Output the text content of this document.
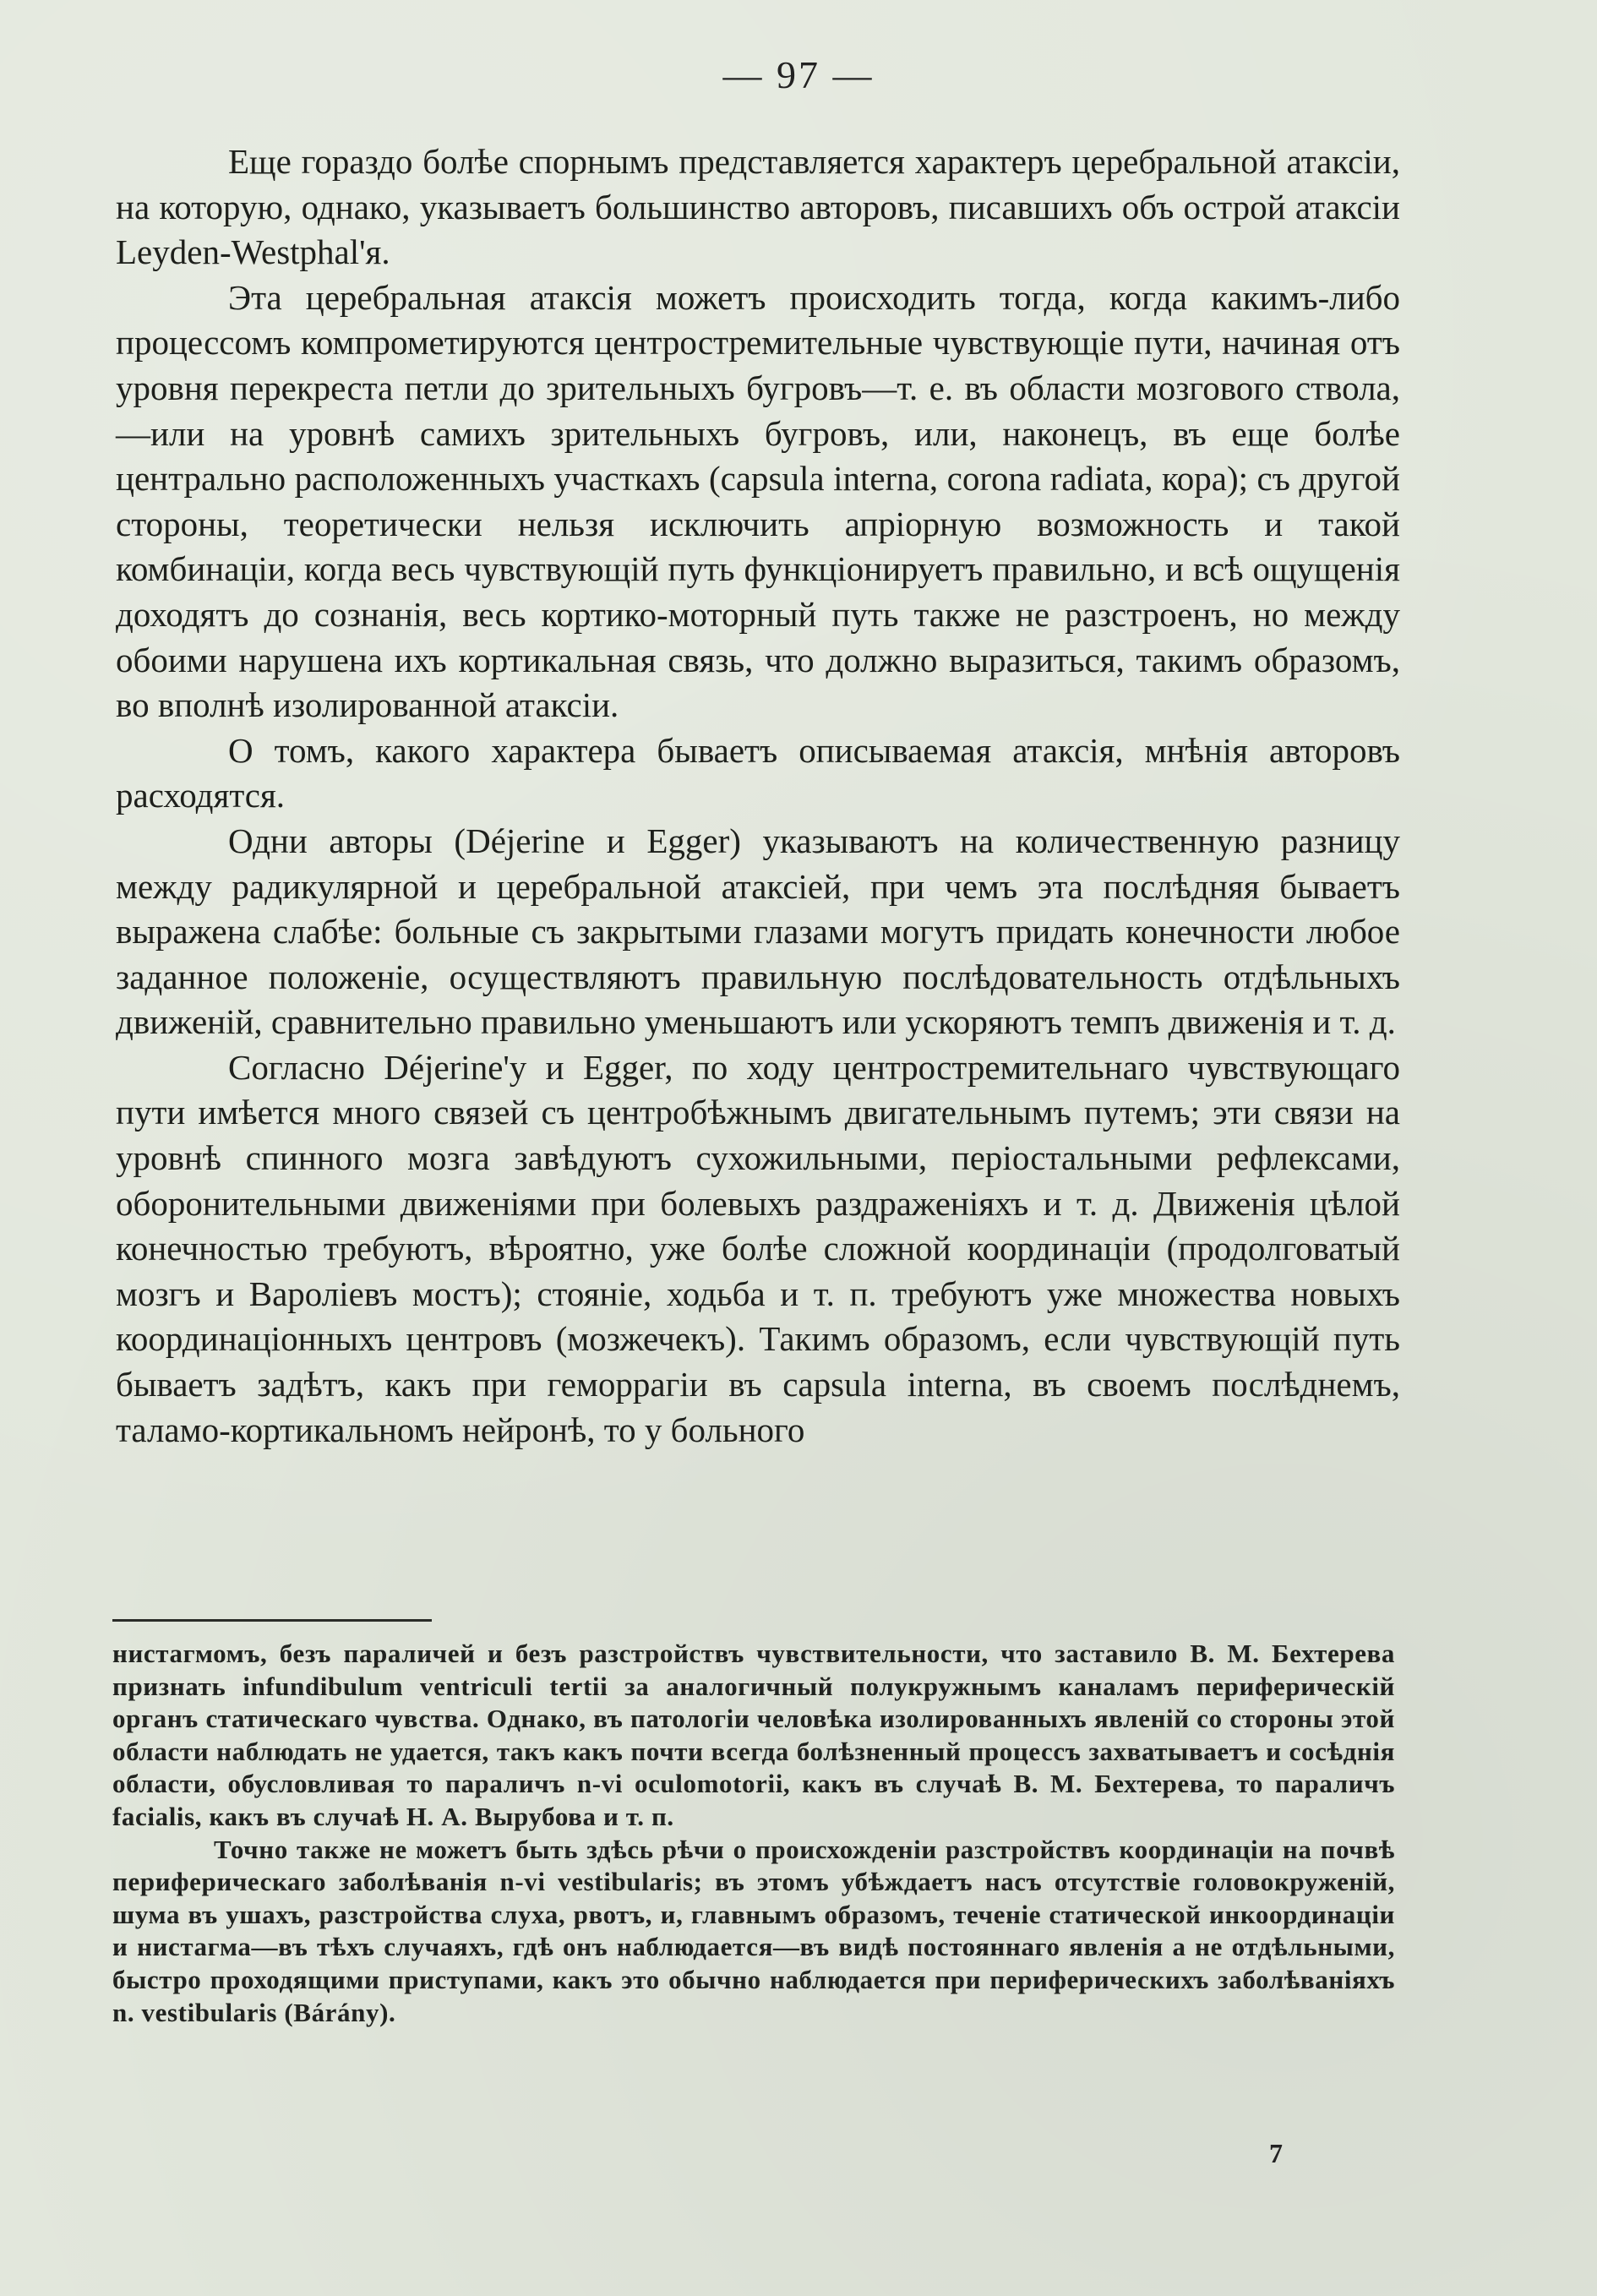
— 97 —

Еще гораздо болѣе спорнымъ представляется характеръ церебральной атаксіи, на которую, однако, указываетъ большинство авторовъ, писавшихъ объ острой атаксіи Leyden-Westphal'я.

Эта церебральная атаксія можетъ происходить тогда, когда какимъ-либо процессомъ компрометируются центростремительные чувствующіе пути, начиная отъ уровня перекреста петли до зрительныхъ бугровъ—т. е. въ области мозгового ствола,—или на уровнѣ самихъ зрительныхъ бугровъ, или, наконецъ, въ еще болѣе центрально расположенныхъ участкахъ (capsula interna, corona radiata, кора); съ другой стороны, теоретически нельзя исключить апріорную возможность и такой комбинаціи, когда весь чувствующій путь функціонируетъ правильно, и всѣ ощущенія доходятъ до сознанія, весь кортико-моторный путь также не разстроенъ, но между обоими нарушена ихъ кортикальная связь, что должно выразиться, такимъ образомъ, во вполнѣ изолированной атаксіи.

О томъ, какого характера бываетъ описываемая атаксія, мнѣнія авторовъ расходятся.

Одни авторы (Déjerine и Egger) указываютъ на количественную разницу между радикулярной и церебральной атаксіей, при чемъ эта послѣдняя бываетъ выражена слабѣе: больные съ закрытыми глазами могутъ придать конечности любое заданное положеніе, осуществляютъ правильную послѣдовательность отдѣльныхъ движеній, сравнительно правильно уменьшаютъ или ускоряютъ темпъ движенія и т. д.

Согласно Déjerine'у и Egger, по ходу центростремительнаго чувствующаго пути имѣется много связей съ центробѣжнымъ двигательнымъ путемъ; эти связи на уровнѣ спинного мозга завѣдуютъ сухожильными, періостальными рефлексами, оборонительными движеніями при болевыхъ раздраженіяхъ и т. д. Движенія цѣлой конечностью требуютъ, вѣроятно, уже болѣе сложной координаціи (продолговатый мозгъ и Вароліевъ мостъ); стояніе, ходьба и т. п. требуютъ уже множества новыхъ координаціонныхъ центровъ (мозжечекъ). Такимъ образомъ, если чувствующій путь бываетъ задѣтъ, какъ при геморрагіи въ capsula interna, въ своемъ послѣднемъ, таламо-кортикальномъ нейронѣ, то у больного

нистагмомъ, безъ параличей и безъ разстройствъ чувствительности, что заставило В. М. Бехтерева признать infundibulum ventriculi tertii за аналогичный полукружнымъ каналамъ периферическій органъ статическаго чувства. Однако, въ патологіи человѣка изолированныхъ явленій со стороны этой области наблюдать не удается, такъ какъ почти всегда болѣзненный процессъ захватываетъ и сосѣднія области, обусловливая то параличъ n-vi oculomotorii, какъ въ случаѣ В. М. Бехтерева, то параличъ facialis, какъ въ случаѣ Н. А. Вырубова и т. п.

Точно также не можетъ быть здѣсь рѣчи о происхожденіи разстройствъ координаціи на почвѣ периферическаго заболѣванія n-vi vestibularis; въ этомъ убѣждаетъ насъ отсутствіе головокруженій, шума въ ушахъ, разстройства слуха, рвотъ, и, главнымъ образомъ, теченіе статической инкоординаціи и нистагма—въ тѣхъ случаяхъ, гдѣ онъ наблюдается—въ видѣ постояннаго явленія а не отдѣльными, быстро проходящими приступами, какъ это обычно наблюдается при периферическихъ заболѣваніяхъ n. vestibularis (Bárány).

7
